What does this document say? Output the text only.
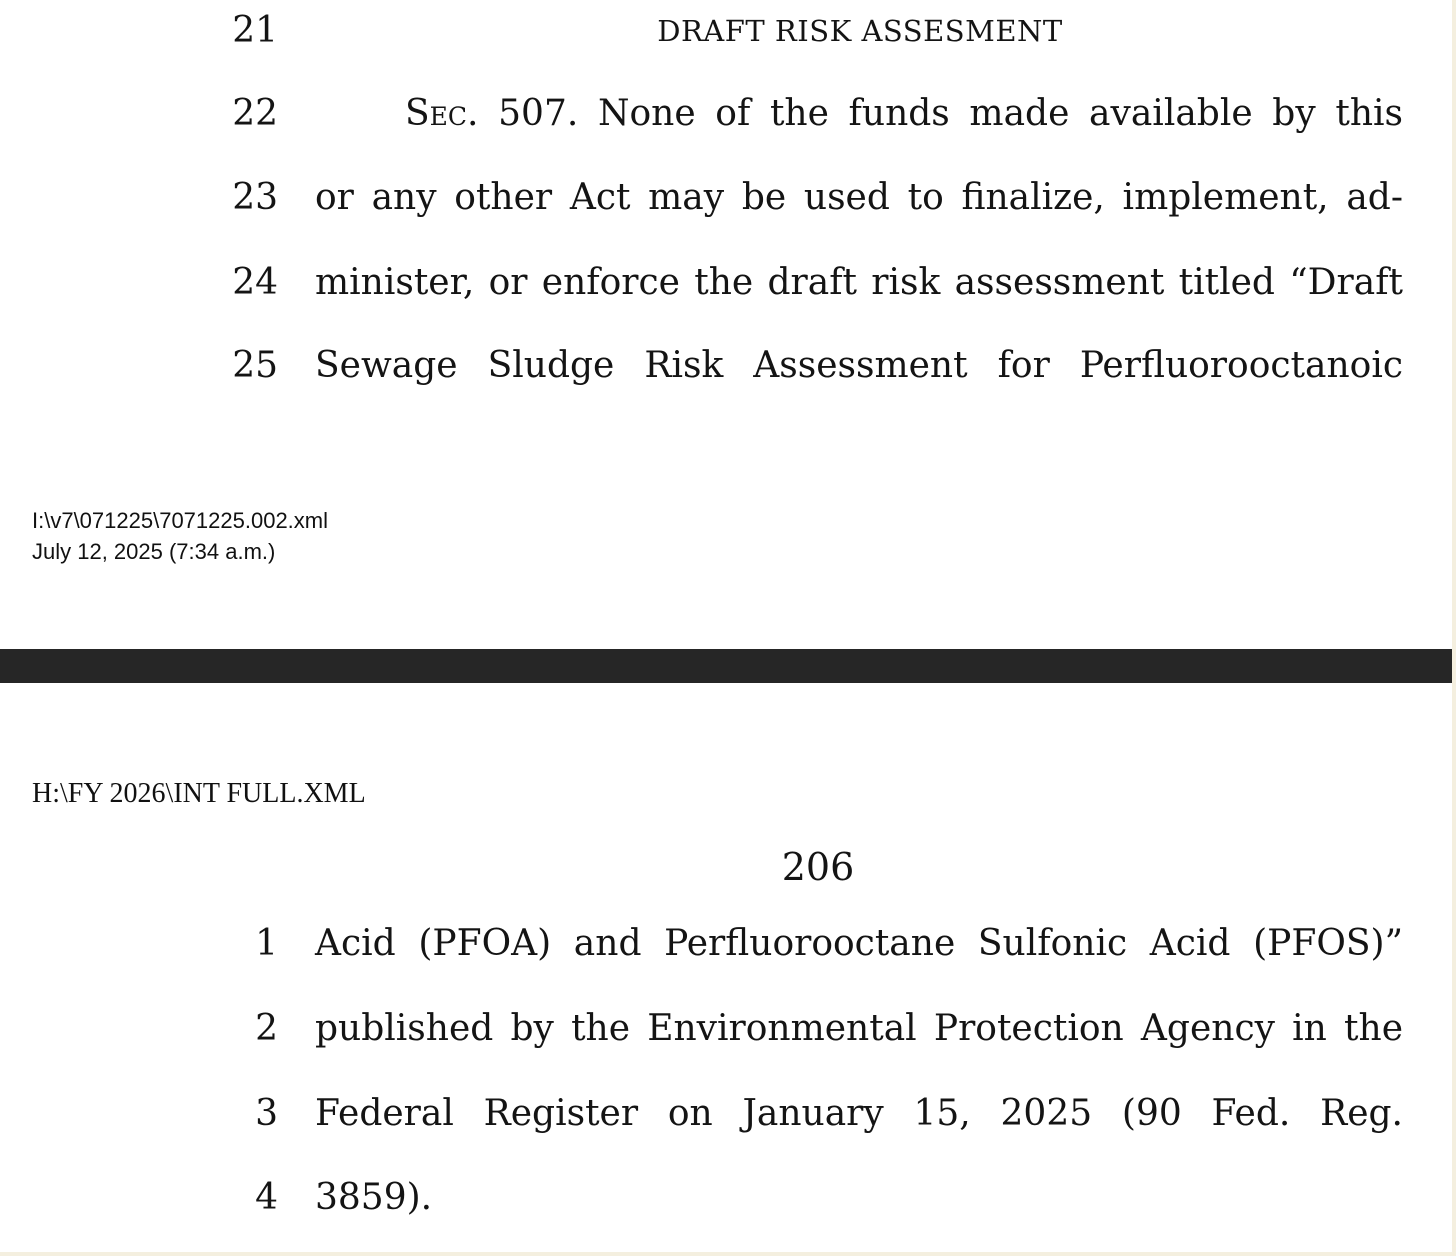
21	DRAFT RISK ASSESMENT
22	Sec. 507. None of the funds made available by this
23 or any other Act may be used to finalize, implement, ad-
24 minister, or enforce the draft risk assessment titled “Draft
25 Sewage Sludge Risk Assessment for Perfluorooctanoic
I:\v7\071225\7071225.002.xml
July 12, 2025 (7:34 a.m.)
H:\FY 2026\INT FULL.XML
206
1 Acid (PFOA) and Perfluorooctane Sulfonic Acid (PFOS)”
2 published by the Environmental Protection Agency in the
3 Federal Register on January 15, 2025 (90 Fed. Reg.
4 3859).
